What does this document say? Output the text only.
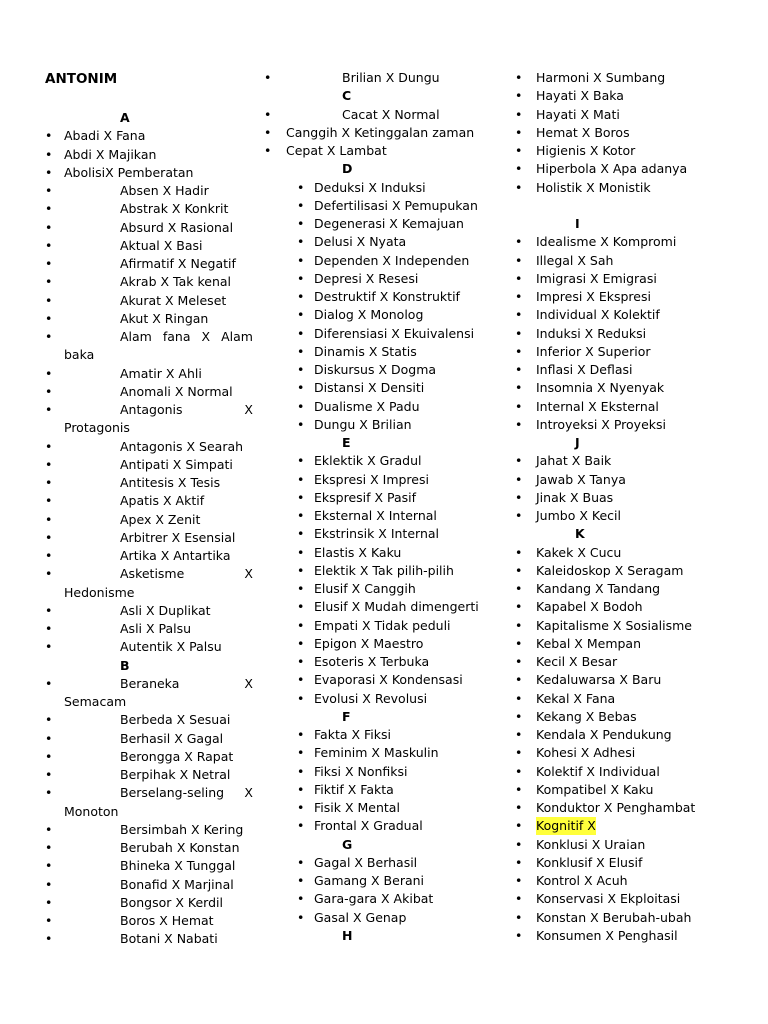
ANTONIM
A
• Abadi X Fana
• Abdi X Majikan
• AbolisiX Pemberatan
• Absen X Hadir
• Abstrak X Konkrit
• Absurd X Rasional
• Aktual X Basi
• Afirmatif X Negatif
• Akrab X Tak kenal
• Akurat X Meleset
• Akut X Ringan
• Alam fana X Alam
baka
• Amatir X Ahli
• Anomali X Normal
• Antagonis	X
Protagonis
• Antagonis X Searah
• Antipati X Simpati
• Antitesis X Tesis
• Apatis X Aktif
• Apex X Zenit
• Arbitrer X Esensial
• Artika X Antartika
• Asketisme	X
Hedonisme
• Asli X Duplikat
• Asli X Palsu
• Autentik X Palsu
B
• Beraneka	X
Semacam
• Berbeda X Sesuai
• Berhasil X Gagal
• Berongga X Rapat
• Berpihak X Netral
• Berselang-seling X
Monoton
• Bersimbah X Kering
• Berubah X Konstan
• Bhineka X Tunggal
• Bonafid X Marjinal
• Bongsor X Kerdil
• Boros X Hemat
• Botani X Nabati
• Brilian X Dungu
C
• Cacat X Normal
• Canggih X Ketinggalan zaman
• Cepat X Lambat
D
• Deduksi X Induksi
• Defertilisasi X Pemupukan
• Degenerasi X Kemajuan
• Delusi X Nyata
• Dependen X Independen
• Depresi X Resesi
• Destruktif X Konstruktif
• Dialog X Monolog
• Diferensiasi X Ekuivalensi
• Dinamis X Statis
• Diskursus X Dogma
• Distansi X Densiti
• Dualisme X Padu
• Dungu X Brilian
E
• Eklektik X Gradul
• Ekspresi X Impresi
• Ekspresif X Pasif
• Eksternal X Internal
• Ekstrinsik X Internal
• Elastis X Kaku
• Elektik X Tak pilih-pilih
• Elusif X Canggih
• Elusif X Mudah dimengerti
• Empati X Tidak peduli
• Epigon X Maestro
• Esoteris X Terbuka
• Evaporasi X Kondensasi
• Evolusi X Revolusi
F
• Fakta X Fiksi
• Feminim X Maskulin
• Fiksi X Nonfiksi
• Fiktif X Fakta
• Fisik X Mental
• Frontal X Gradual
G
• Gagal X Berhasil
• Gamang X Berani
• Gara-gara X Akibat
• Gasal X Genap
H
• Harmoni X Sumbang
• Hayati X Baka
• Hayati X Mati
• Hemat X Boros
• Higienis X Kotor
• Hiperbola X Apa adanya
• Holistik X Monistik
I
• Idealisme X Kompromi
• Illegal X Sah
• Imigrasi X Emigrasi
• Impresi X Ekspresi
• Individual X Kolektif
• Induksi X Reduksi
• Inferior X Superior
• Inflasi X Deflasi
• Insomnia X Nyenyak
• Internal X Eksternal
• Introyeksi X Proyeksi
J
• Jahat X Baik
• Jawab X Tanya
• Jinak X Buas
• Jumbo X Kecil
K
• Kakek X Cucu
• Kaleidoskop X Seragam
• Kandang X Tandang
• Kapabel X Bodoh
• Kapitalisme X Sosialisme
• Kebal X Mempan
• Kecil X Besar
• Kedaluwarsa X Baru
• Kekal X Fana
• Kekang X Bebas
• Kendala X Pendukung
• Kohesi X Adhesi
• Kolektif X Individual
• Kompatibel X Kaku
• Konduktor X Penghambat
• Kognitif X
• Konklusi X Uraian
• Konklusif X Elusif
• Kontrol X Acuh
• Konservasi X Ekploitasi
• Konstan X Berubah-ubah
• Konsumen X Penghasil
